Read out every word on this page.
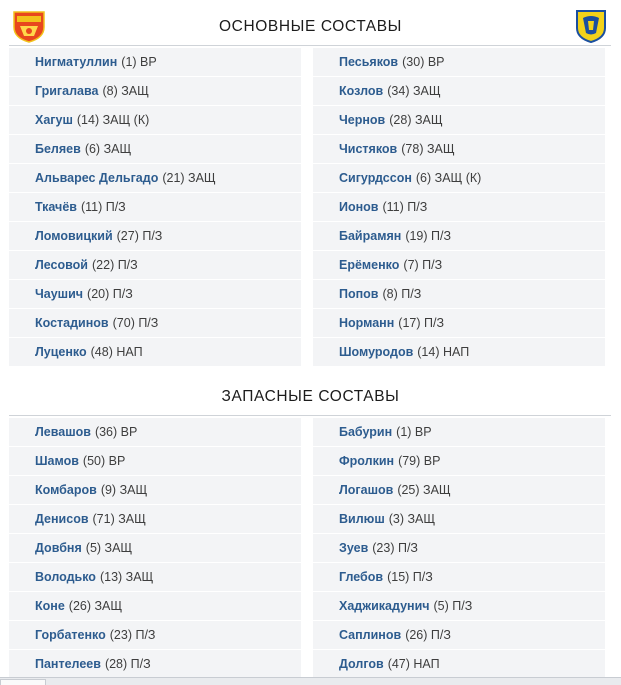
ОСНОВНЫЕ СОСТАВЫ
Нигматуллин (1) ВР
Григалава (8) ЗАЩ
Хагуш (14) ЗАЩ (К)
Беляев (6) ЗАЩ
Альварес Дельгадо (21) ЗАЩ
Ткачёв (11) П/З
Ломовицкий (27) П/З
Лесовой (22) П/З
Чаушич (20) П/З
Костадинов (70) П/З
Луценко (48) НАП
Песьяков (30) ВР
Козлов (34) ЗАЩ
Чернов (28) ЗАЩ
Чистяков (78) ЗАЩ
Сигурдссон (6) ЗАЩ (К)
Ионов (11) П/З
Байрамян (19) П/З
Ерёменко (7) П/З
Попов (8) П/З
Норманн (17) П/З
Шомуродов (14) НАП
ЗАПАСНЫЕ СОСТАВЫ
Левашов (36) ВР
Шамов (50) ВР
Комбаров (9) ЗАЩ
Денисов (71) ЗАЩ
Довбня (5) ЗАЩ
Володько (13) ЗАЩ
Коне (26) ЗАЩ
Горбатенко (23) П/З
Пантелеев (28) П/З
Бабурин (1) ВР
Фролкин (79) ВР
Логашов (25) ЗАЩ
Вилюш (3) ЗАЩ
Зуев (23) П/З
Глебов (15) П/З
Хаджикадунич (5) П/З
Саплинов (26) П/З
Долгов (47) НАП
